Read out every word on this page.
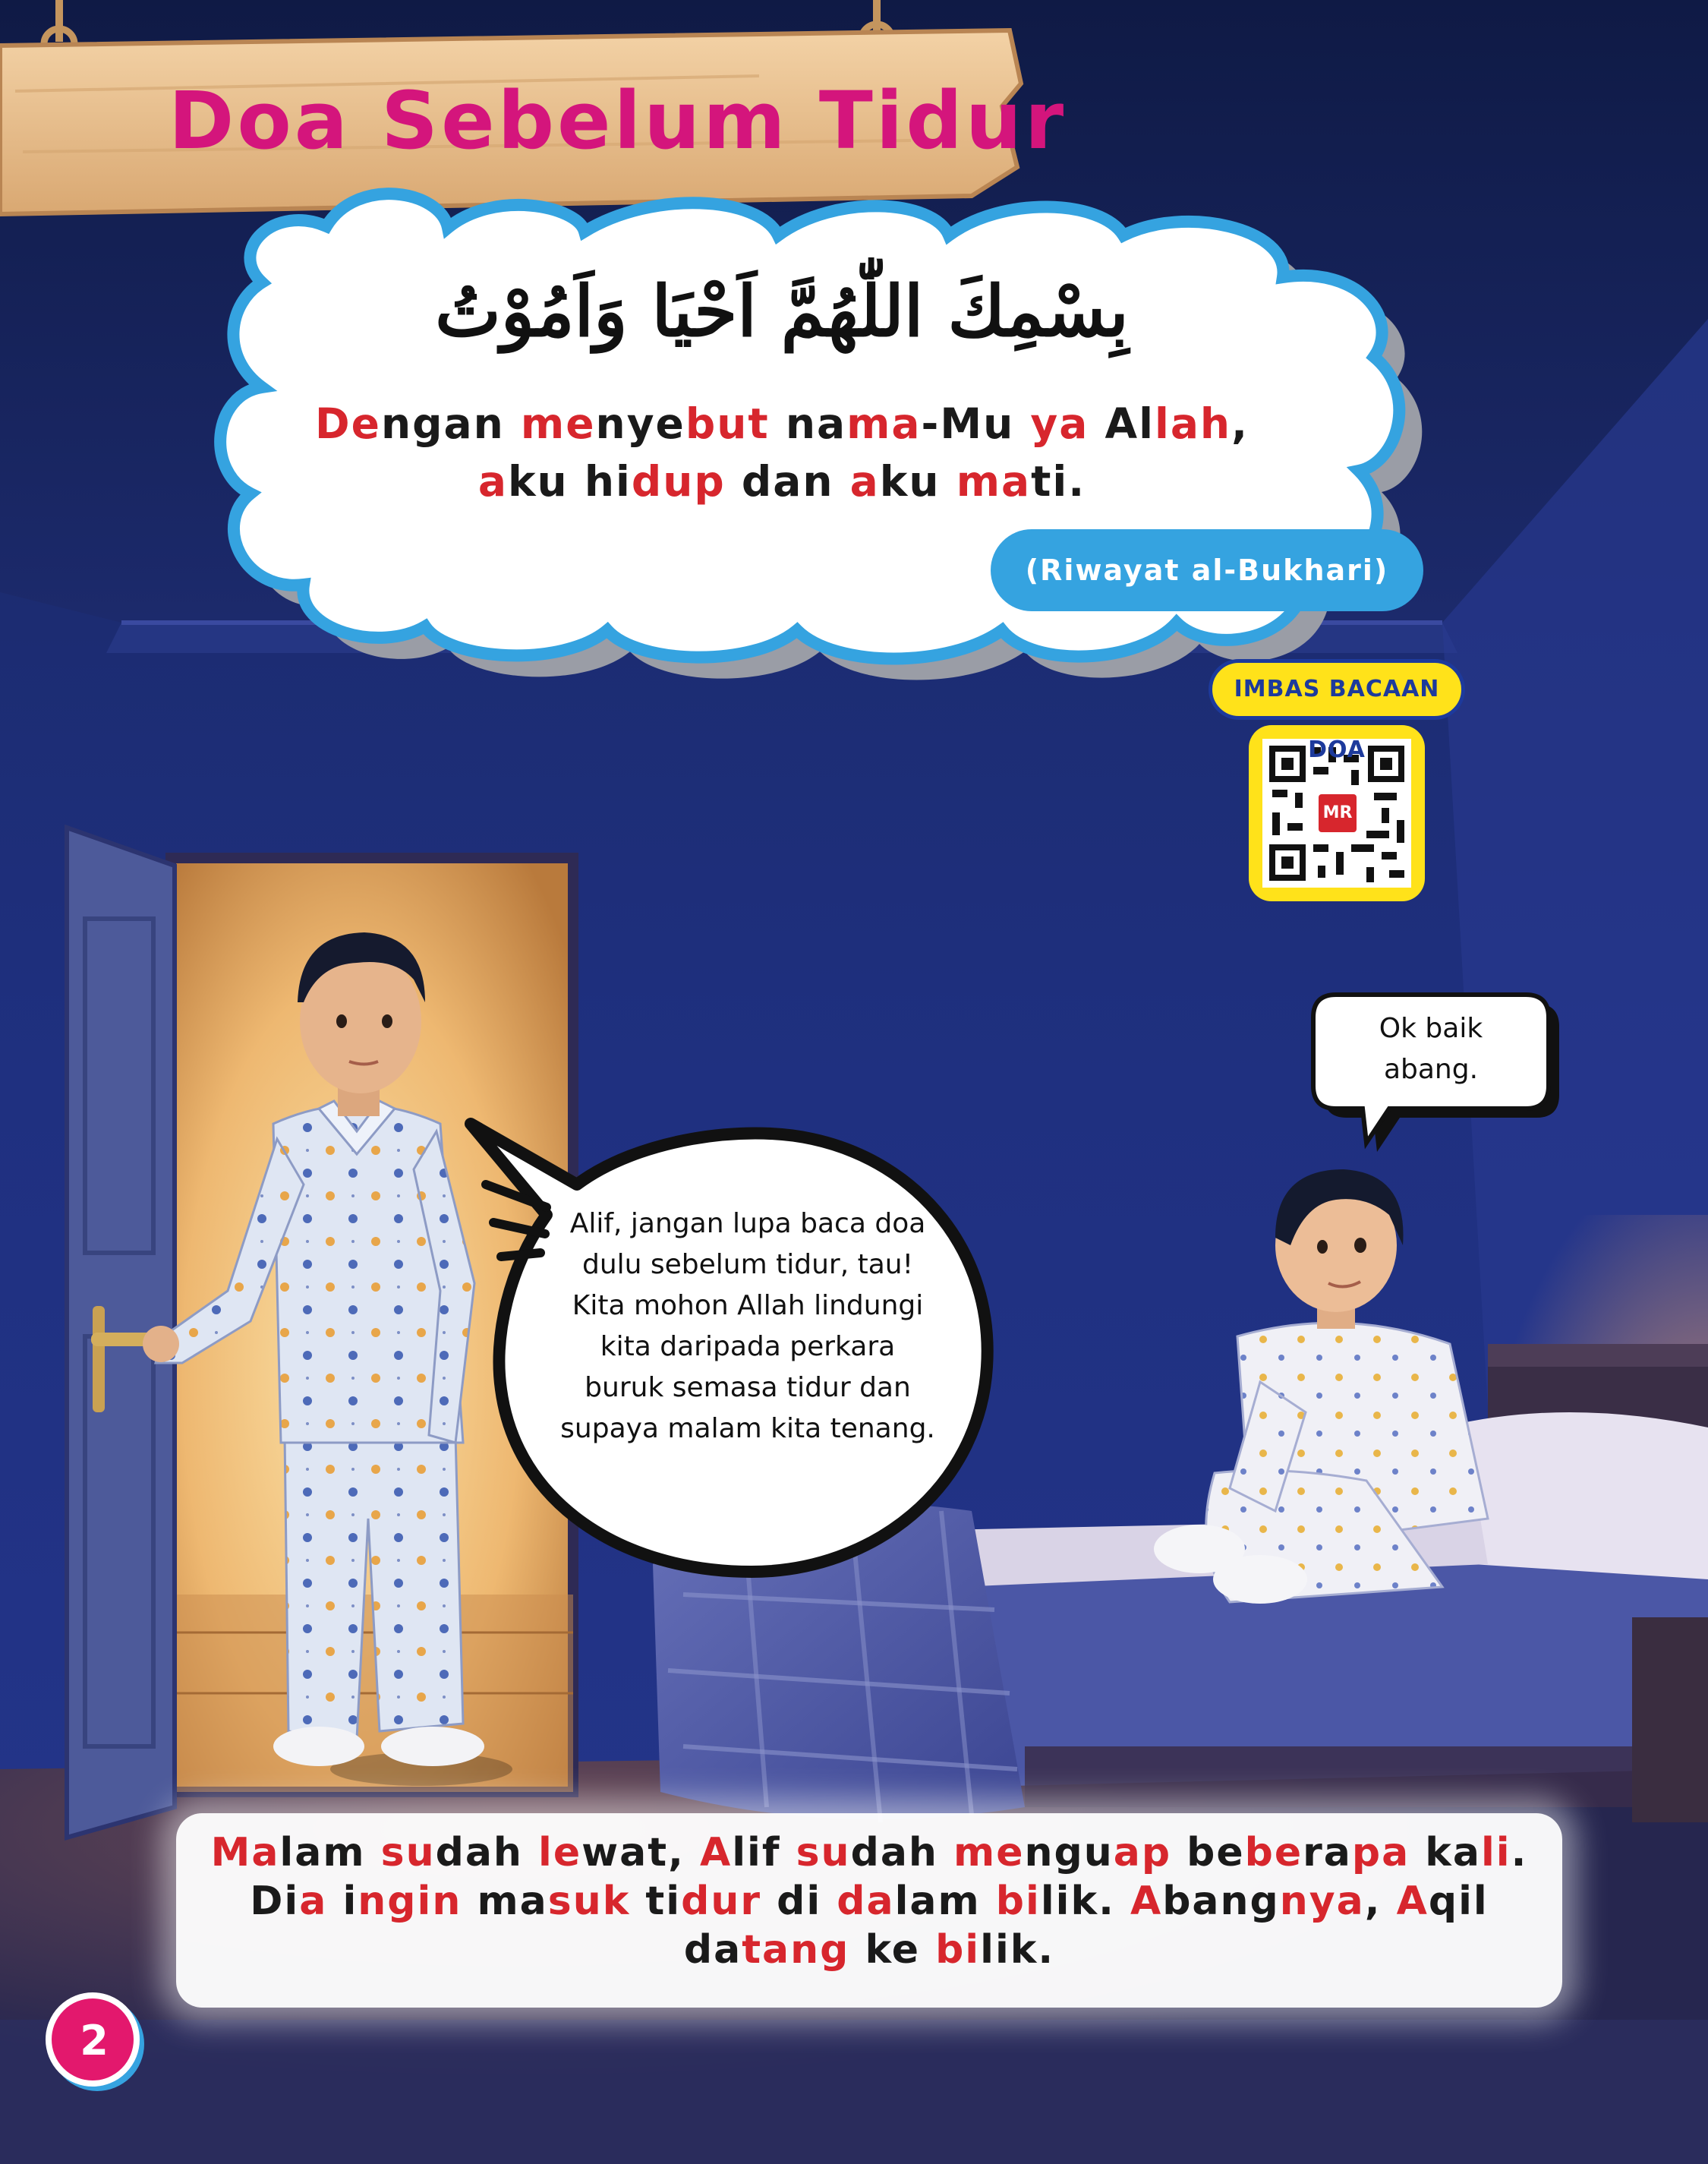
Doa Sebelum Tidur
بِسْمِكَ اللّٰهُمَّ اَحْيَا وَاَمُوْتُ
Dengan menyebut nama-Mu ya Allah,
aku hidup dan aku mati.
(Riwayat al-Bukhari)
IMBAS BACAAN DOA
MR
Alif, jangan lupa baca doa
dulu sebelum tidur, tau!
Kita mohon Allah lindungi
kita daripada perkara
buruk semasa tidur dan
supaya malam kita tenang.
Ok baik
abang.
Malam sudah lewat, Alif sudah menguap beberapa kali.
Dia ingin masuk tidur di dalam bilik. Abangnya, Aqil
datang ke bilik.
2
